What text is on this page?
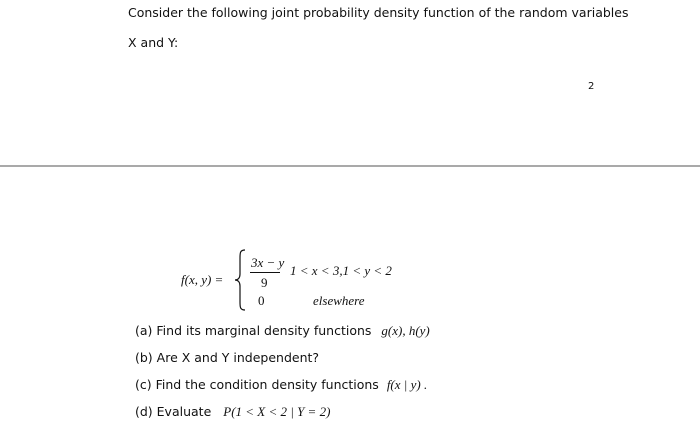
Consider the following joint probability density function of the random variables
X and Y:
2
f(x, y) =
3x − y
9
1 < x < 3,1 < y < 2
0	elsewhere
(a) Find its marginal density functions g(x), h(y)
(b) Are X and Y independent?
(c) Find the condition density functions f(x | y) .
(d) Evaluate P(1 < X < 2 | Y = 2)
